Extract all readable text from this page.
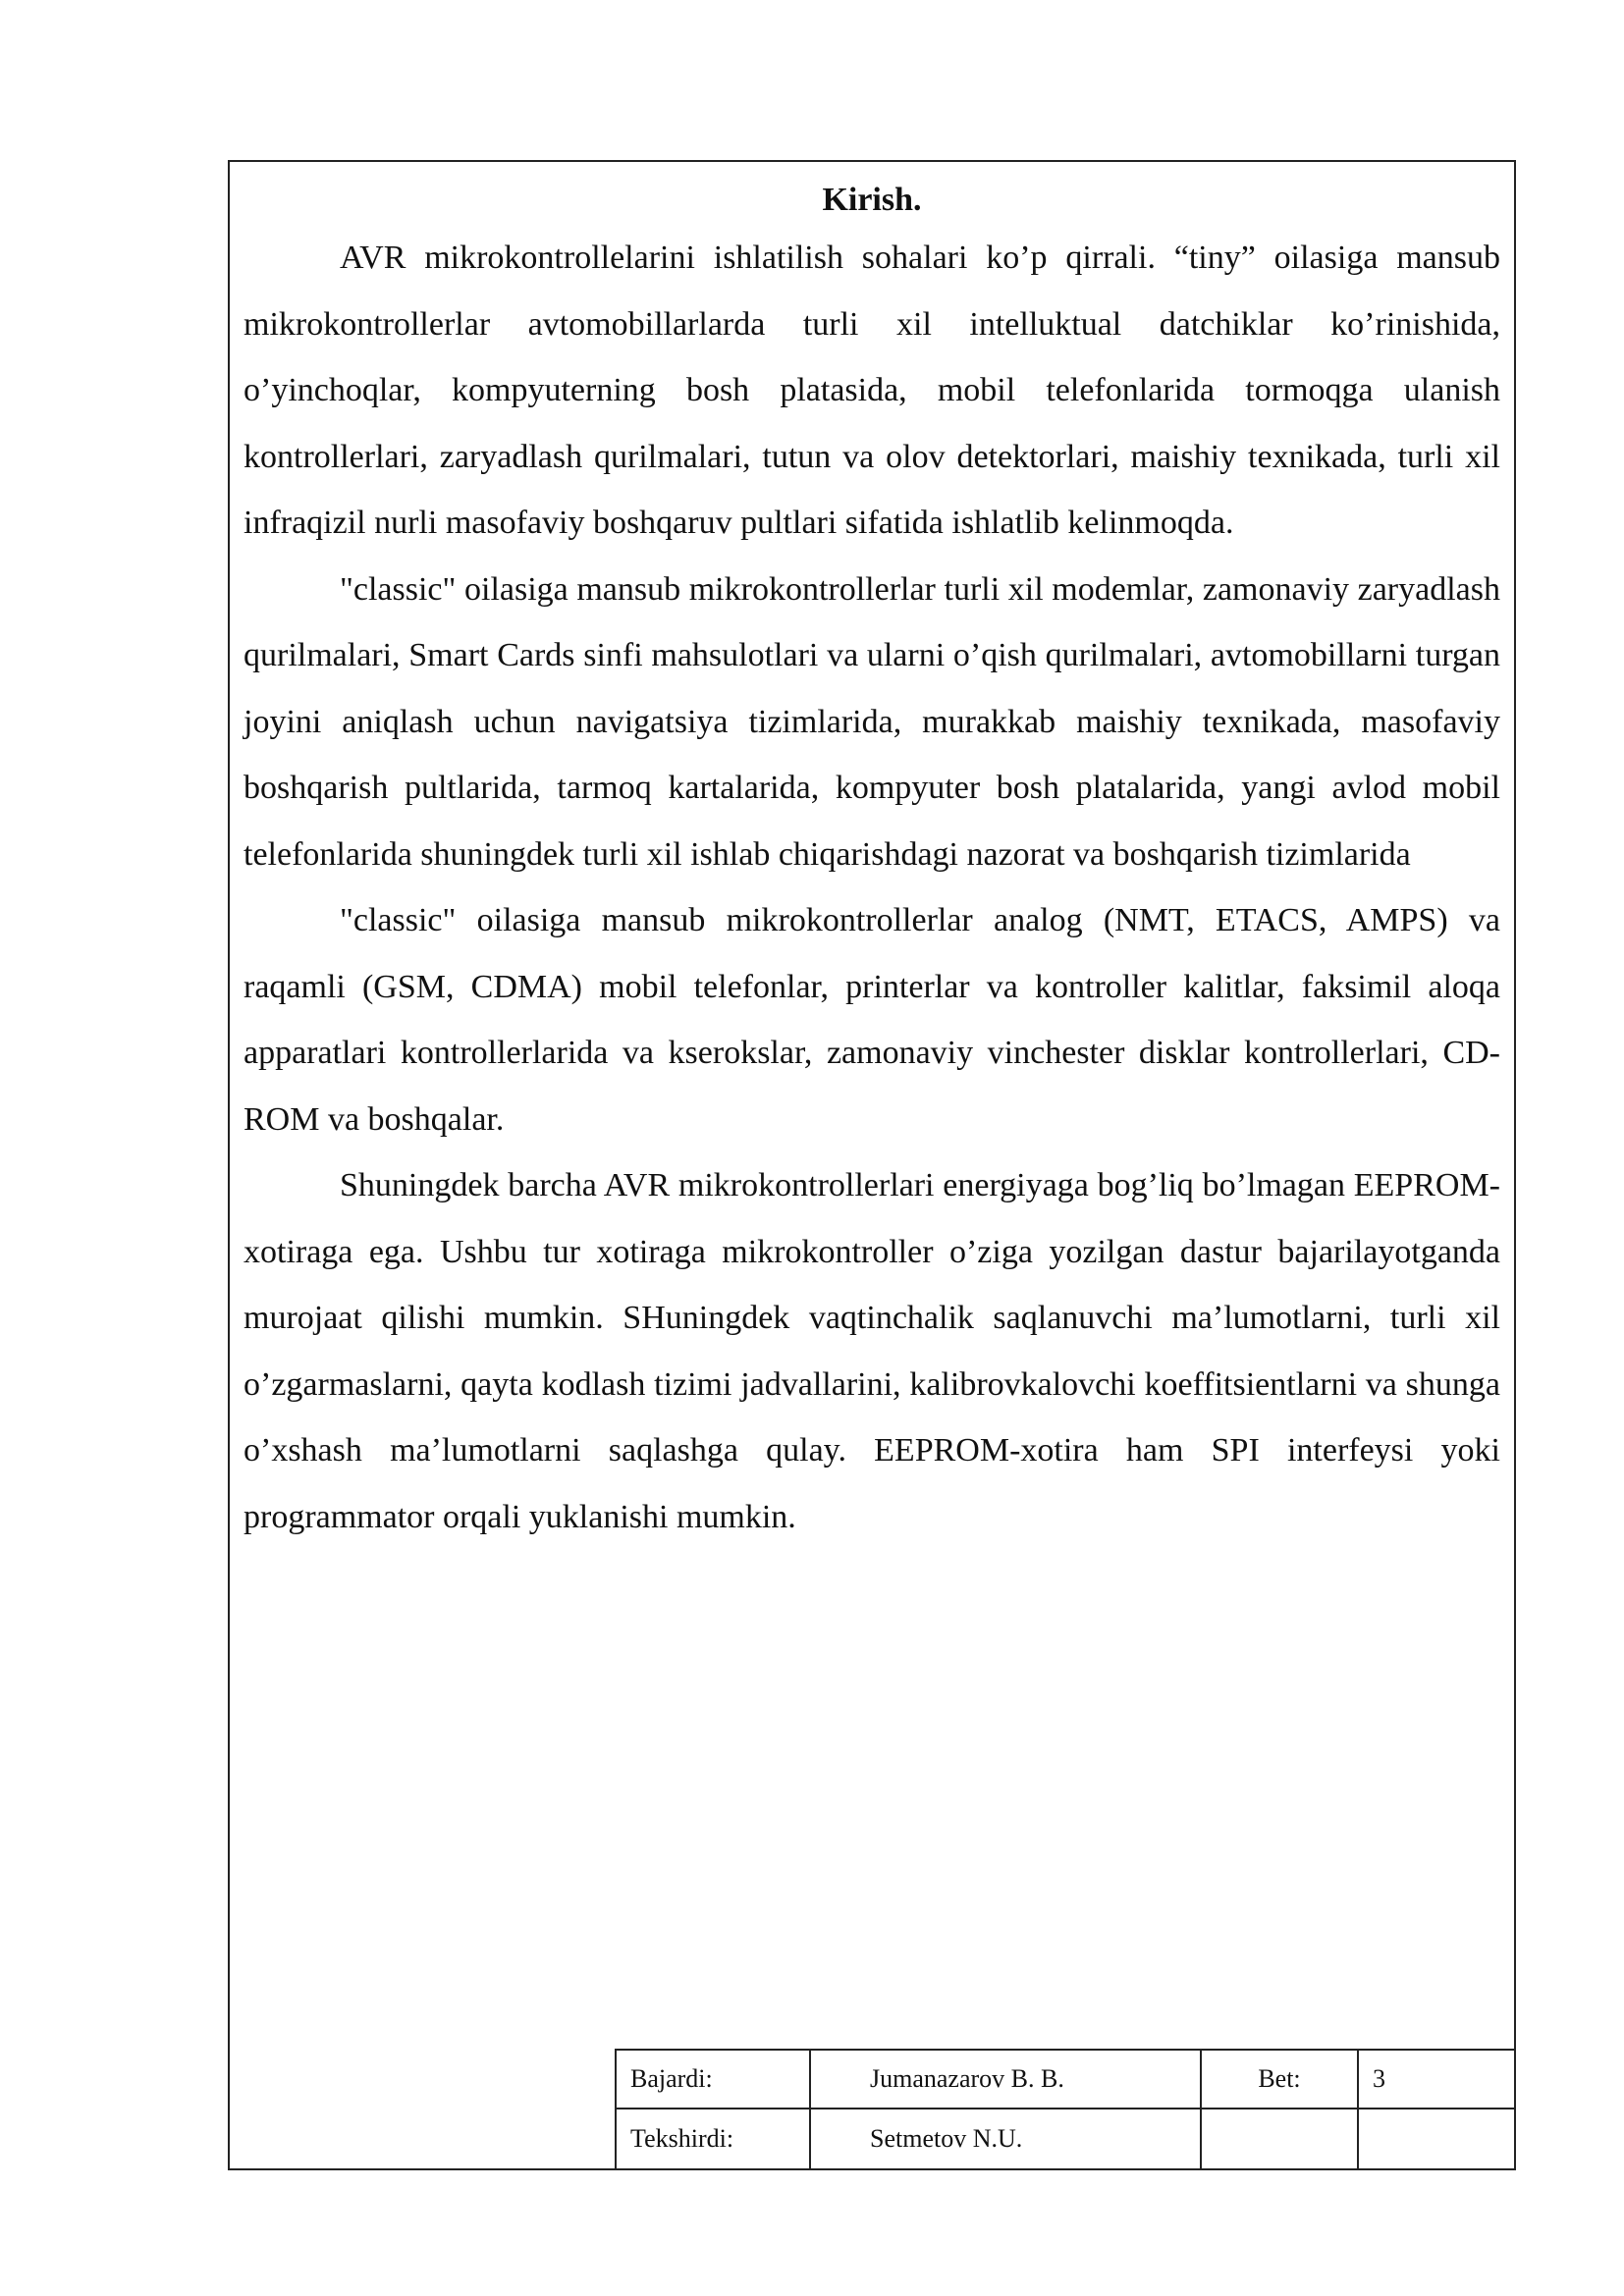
Kirish.

AVR mikrokontrollelarini ishlatilish sohalari ko’p qirrali. “tiny” oilasiga mansub mikrokontrollerlar avtomobillarlarda turli xil intelluktual datchiklar ko’rinishida, o’yinchoqlar, kompyuterning bosh platasida, mobil telefonlarida tormoqga ulanish kontrollerlari, zaryadlash qurilmalari, tutun va olov detektorlari, maishiy texnikada, turli xil infraqizil nurli masofaviy boshqaruv pultlari sifatida ishlatlib kelinmoqda.

"classic" oilasiga mansub mikrokontrollerlar turli xil modemlar, zamonaviy zaryadlash qurilmalari, Smart Cards sinfi mahsulotlari va ularni o’qish qurilmalari, avtomobillarni turgan joyini aniqlash uchun navigatsiya tizimlarida, murakkab maishiy texnikada, masofaviy boshqarish pultlarida, tarmoq kartalarida, kompyuter bosh platalarida, yangi avlod mobil telefonlarida shuningdek turli xil ishlab chiqarishdagi nazorat va boshqarish tizimlarida

"classic" oilasiga mansub mikrokontrollerlar analog (NMT, ETACS, AMPS) va raqamli (GSM, CDMA) mobil telefonlar, printerlar va kontroller kalitlar, faksimil aloqa apparatlari kontrollerlarida va kserokslar, zamonaviy vinchester disklar kontrollerlari, CD-ROM va boshqalar.

Shuningdek barcha AVR mikrokontrollerlari energiyaga bog’liq bo’lmagan EEPROM-xotiraga ega. Ushbu tur xotiraga mikrokontroller o’ziga yozilgan dastur bajarilayotganda murojaat qilishi mumkin. SHuningdek vaqtinchalik saqlanuvchi ma’lumotlarni, turli xil o’zgarmaslarni, qayta kodlash tizimi jadvallarini, kalibrovkalovchi koeffitsientlarni va shunga o’xshash ma’lumotlarni saqlashga qulay. EEPROM-xotira ham SPI interfeysi yoki programmator orqali yuklanishi mumkin.

Bajardi:	Jumanazarov B. B.	Bet:	3
Tekshirdi:	Setmetov N.U.		
